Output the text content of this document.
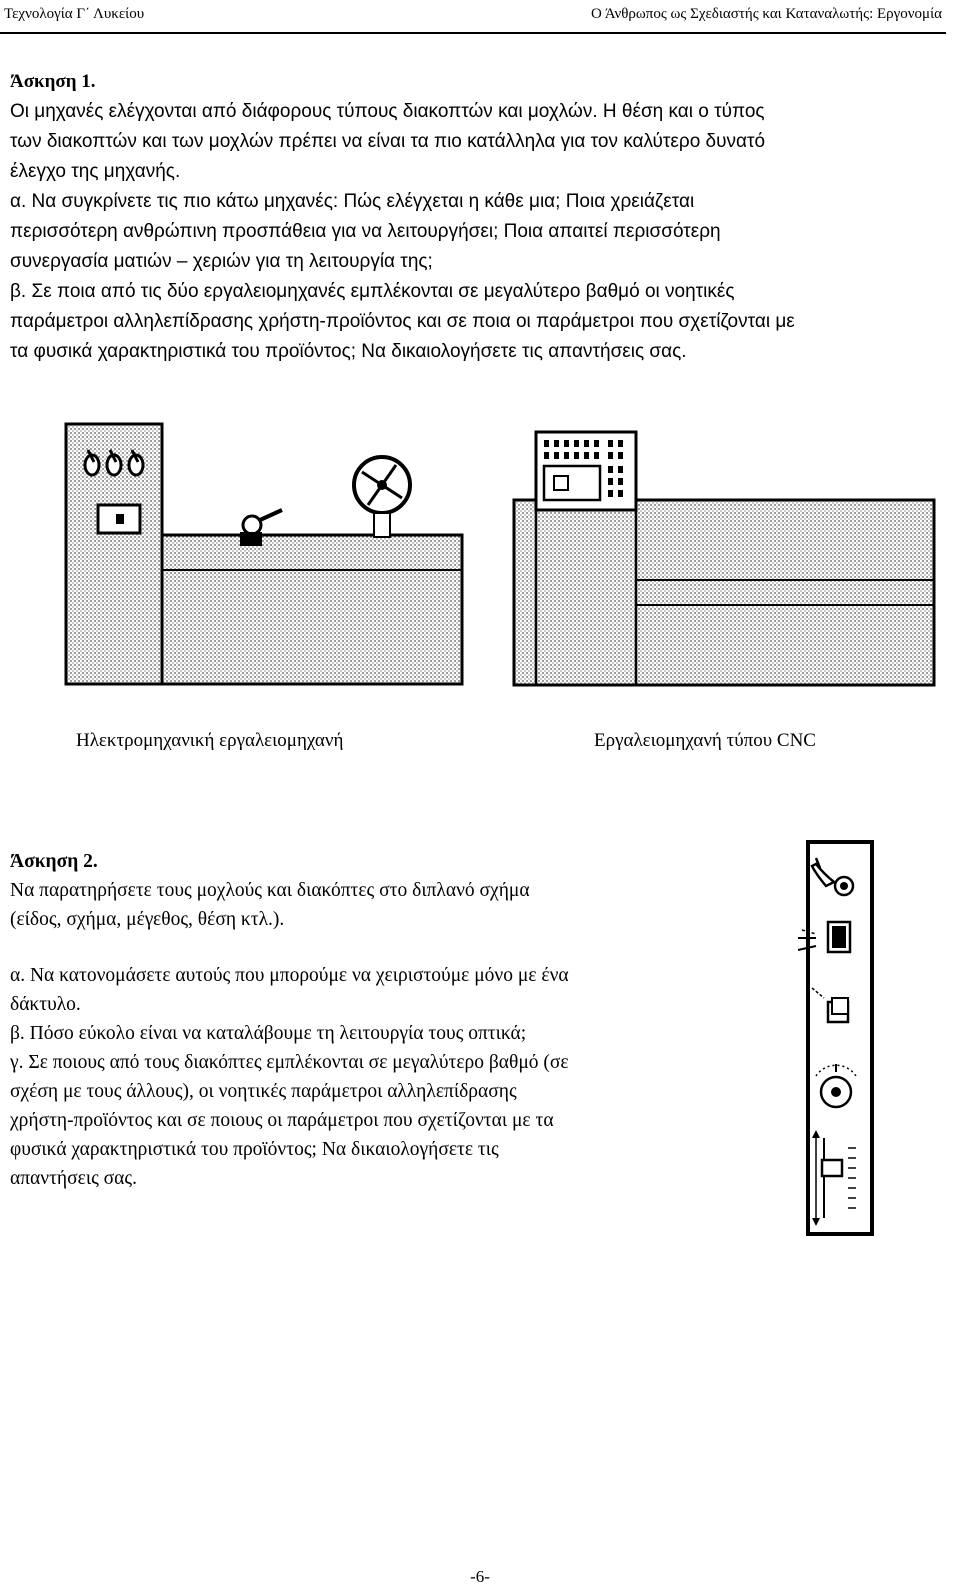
Τεχνολογία Γ΄ Λυκείου	Ο Άνθρωπος ως Σχεδιαστής και Καταναλωτής: Εργονομία
Άσκηση 1.
Οι μηχανές ελέγχονται από διάφορους τύπους διακοπτών και μοχλών. Η θέση και ο τύπος
των διακοπτών και των μοχλών πρέπει να είναι τα πιο κατάλληλα για τον καλύτερο δυνατό
έλεγχο της μηχανής.
α. Να συγκρίνετε τις πιο κάτω μηχανές: Πώς ελέγχεται η κάθε μια; Ποια χρειάζεται
περισσότερη ανθρώπινη προσπάθεια για να λειτουργήσει; Ποια απαιτεί περισσότερη
συνεργασία ματιών – χεριών για τη λειτουργία της;
β. Σε ποια από τις δύο εργαλειομηχανές εμπλέκονται σε μεγαλύτερο βαθμό οι νοητικές
παράμετροι αλληλεπίδρασης χρήστη-προϊόντος και σε ποια οι παράμετροι που σχετίζονται με
τα φυσικά χαρακτηριστικά του προϊόντος; Να δικαιολογήσετε τις απαντήσεις σας.
Ηλεκτρομηχανική εργαλειομηχανή	Εργαλειομηχανή τύπου CNC
Άσκηση 2.
Να παρατηρήσετε τους μοχλούς και διακόπτες στο διπλανό σχήμα
(είδος, σχήμα, μέγεθος, θέση κτλ.).
α. Να κατονομάσετε αυτούς που μπορούμε να χειριστούμε μόνο με ένα
δάκτυλο.
β. Πόσο εύκολο είναι να καταλάβουμε τη λειτουργία τους οπτικά;
γ. Σε ποιους από τους διακόπτες εμπλέκονται σε μεγαλύτερο βαθμό (σε
σχέση με τους άλλους), οι νοητικές παράμετροι αλληλεπίδρασης
χρήστη-προϊόντος και σε ποιους οι παράμετροι που σχετίζονται με τα
φυσικά χαρακτηριστικά του προϊόντος; Να δικαιολογήσετε τις
απαντήσεις σας.
-6-
